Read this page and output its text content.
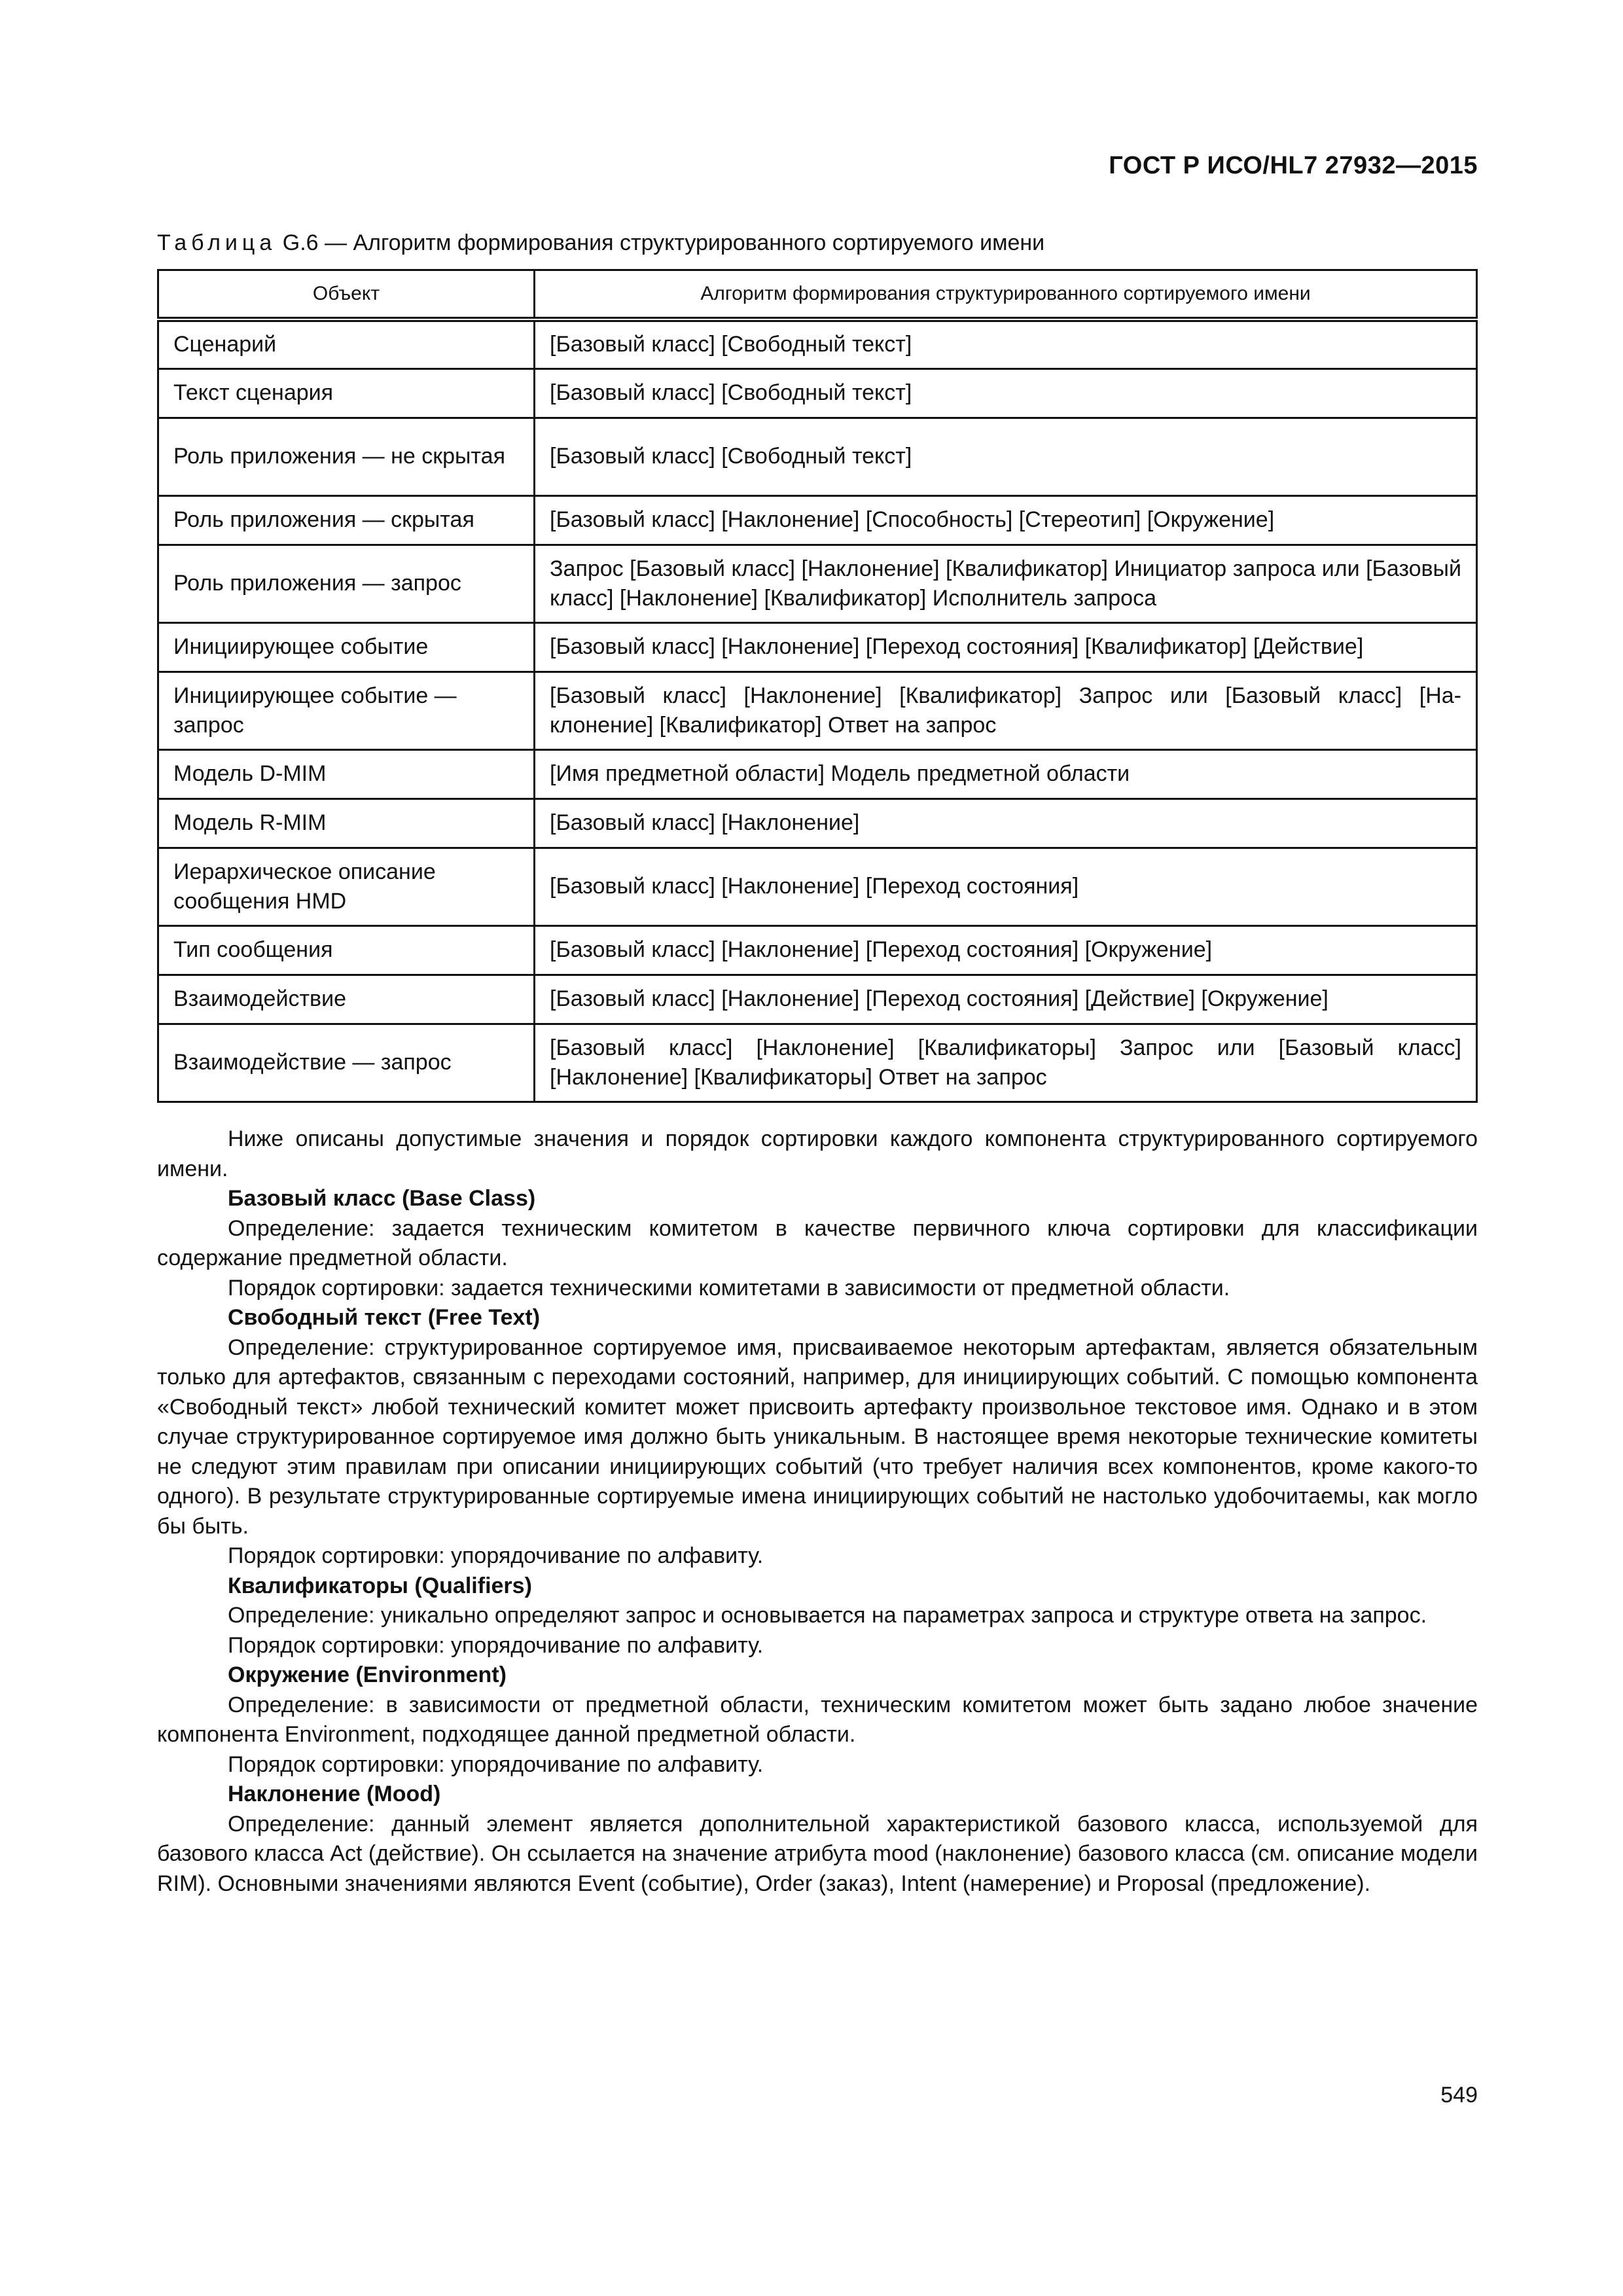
ГОСТ Р ИСО/HL7 27932—2015
Таблица G.6 — Алгоритм формирования структурированного сортируемого имени
Объект	Алгоритм формирования структурированного сортируемого имени
Сценарий	[Базовый класс] [Свободный текст]
Текст сценария	[Базовый класс] [Свободный текст]
Роль приложения — не скрытая	[Базовый класс] [Свободный текст]
Роль приложения — скрытая	[Базовый класс] [Наклонение] [Способность] [Стереотип] [Окружение]
Роль приложения — запрос	Запрос [Базовый класс] [Наклонение] [Квалификатор] Инициатор запроса или [Базовый класс] [Наклонение] [Квалификатор] Исполнитель запроса
Инициирующее событие	[Базовый класс] [Наклонение] [Переход состояния] [Квалификатор] [Действие]
Инициирующее событие — запрос	[Базовый класс] [Наклонение] [Квалификатор] Запрос или [Базовый класс] [Наклонение] [Квалификатор] Ответ на запрос
Модель D-MIM	[Имя предметной области] Модель предметной области
Модель R-MIM	[Базовый класс] [Наклонение]
Иерархическое описание сообщения HMD	[Базовый класс] [Наклонение] [Переход состояния]
Тип сообщения	[Базовый класс] [Наклонение] [Переход состояния] [Окружение]
Взаимодействие	[Базовый класс] [Наклонение] [Переход состояния] [Действие] [Окружение]
Взаимодействие — запрос	[Базовый класс] [Наклонение] [Квалификаторы] Запрос или [Базовый класс] [Наклонение] [Квалификаторы] Ответ на запрос

Ниже описаны допустимые значения и порядок сортировки каждого компонента структурированного сортируемого имени.

Базовый класс (Base Class)

Определение: задается техническим комитетом в качестве первичного ключа сортировки для классификации содержание предметной области.

Порядок сортировки: задается техническими комитетами в зависимости от предметной области.

Свободный текст (Free Text)

Определение: структурированное сортируемое имя, присваиваемое некоторым артефактам, является обязательным только для артефактов, связанным с переходами состояний, например, для инициирующих событий. С помощью компонента «Свободный текст» любой технический комитет может присвоить артефакту произвольное текстовое имя. Однако и в этом случае структурированное сортируемое имя должно быть уникальным. В настоящее время некоторые технические комитеты не следуют этим правилам при описании инициирующих событий (что требует наличия всех компонентов, кроме какого-то одного). В результате структурированные сортируемые имена инициирующих событий не настолько удобочитаемы, как могло бы быть.

Порядок сортировки: упорядочивание по алфавиту.

Квалификаторы (Qualifiers)

Определение: уникально определяют запрос и основывается на параметрах запроса и структуре ответа на запрос.

Порядок сортировки: упорядочивание по алфавиту.

Окружение (Environment)

Определение: в зависимости от предметной области, техническим комитетом может быть задано любое значение компонента Environment, подходящее данной предметной области.

Порядок сортировки: упорядочивание по алфавиту.

Наклонение (Mood)

Определение: данный элемент является дополнительной характеристикой базового класса, используемой для базового класса Act (действие). Он ссылается на значение атрибута mood (наклонение) базового класса (см. описание модели RIM). Основными значениями являются Event (событие), Order (заказ), Intent (намерение) и Proposal (предложение).

549
